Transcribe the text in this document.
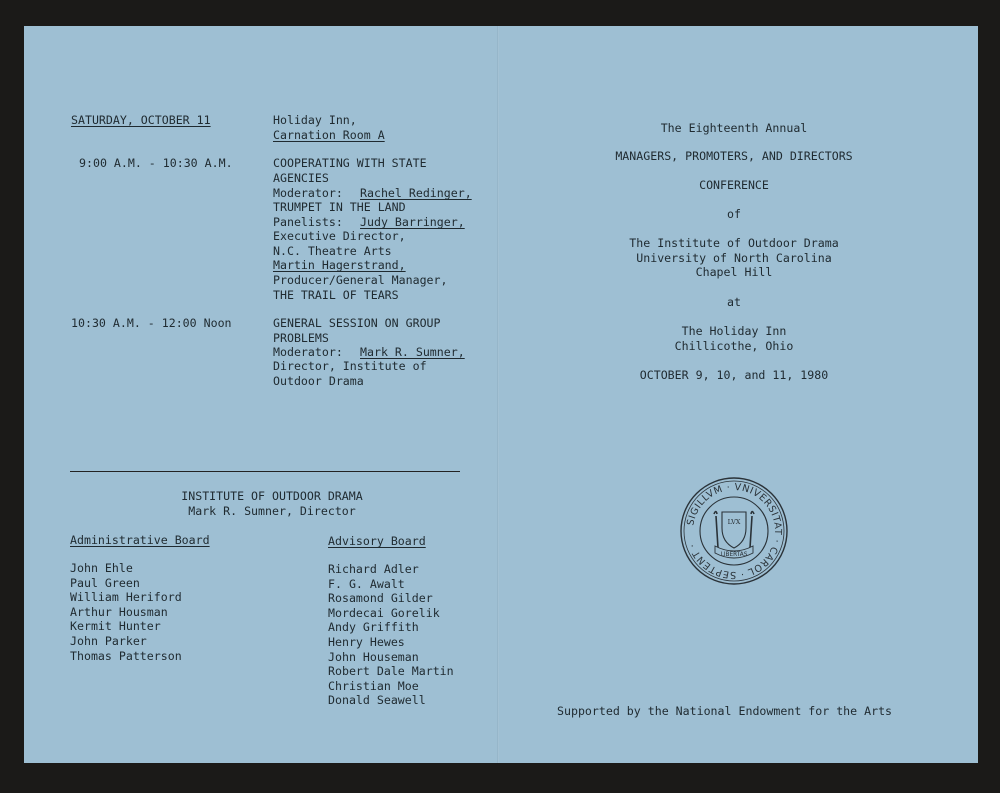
SATURDAY, OCTOBER 11	Holiday Inn,
Carnation Room A
9:00 A.M. - 10:30 A.M.	COOPERATING WITH STATE
AGENCIES
Moderator: Rachel Redinger,
TRUMPET IN THE LAND
Panelists: Judy Barringer,
Executive Director,
N.C. Theatre Arts
Martin Hagerstrand,
Producer/General Manager,
THE TRAIL OF TEARS
10:30 A.M. - 12:00 Noon	GENERAL SESSION ON GROUP
PROBLEMS
Moderator: Mark R. Sumner,
Director, Institute of
Outdoor Drama
INSTITUTE OF OUTDOOR DRAMA
Mark R. Sumner, Director
Administrative Board
John Ehle
Paul Green
William Heriford
Arthur Housman
Kermit Hunter
John Parker
Thomas Patterson
Advisory Board
Richard Adler
F. G. Awalt
Rosamond Gilder
Mordecai Gorelik
Andy Griffith
Henry Hewes
John Houseman
Robert Dale Martin
Christian Moe
Donald Seawell
The Eighteenth Annual
MANAGERS, PROMOTERS, AND DIRECTORS
CONFERENCE
of
The Institute of Outdoor Drama
University of North Carolina
Chapel Hill
at
The Holiday Inn
Chillicothe, Ohio
OCTOBER 9, 10, and 11, 1980
SIGILLVM · VNIVERSITAT · CAROL · SEPTENT ·
LVX
LIBERTAS
Supported by the National Endowment for the Arts
